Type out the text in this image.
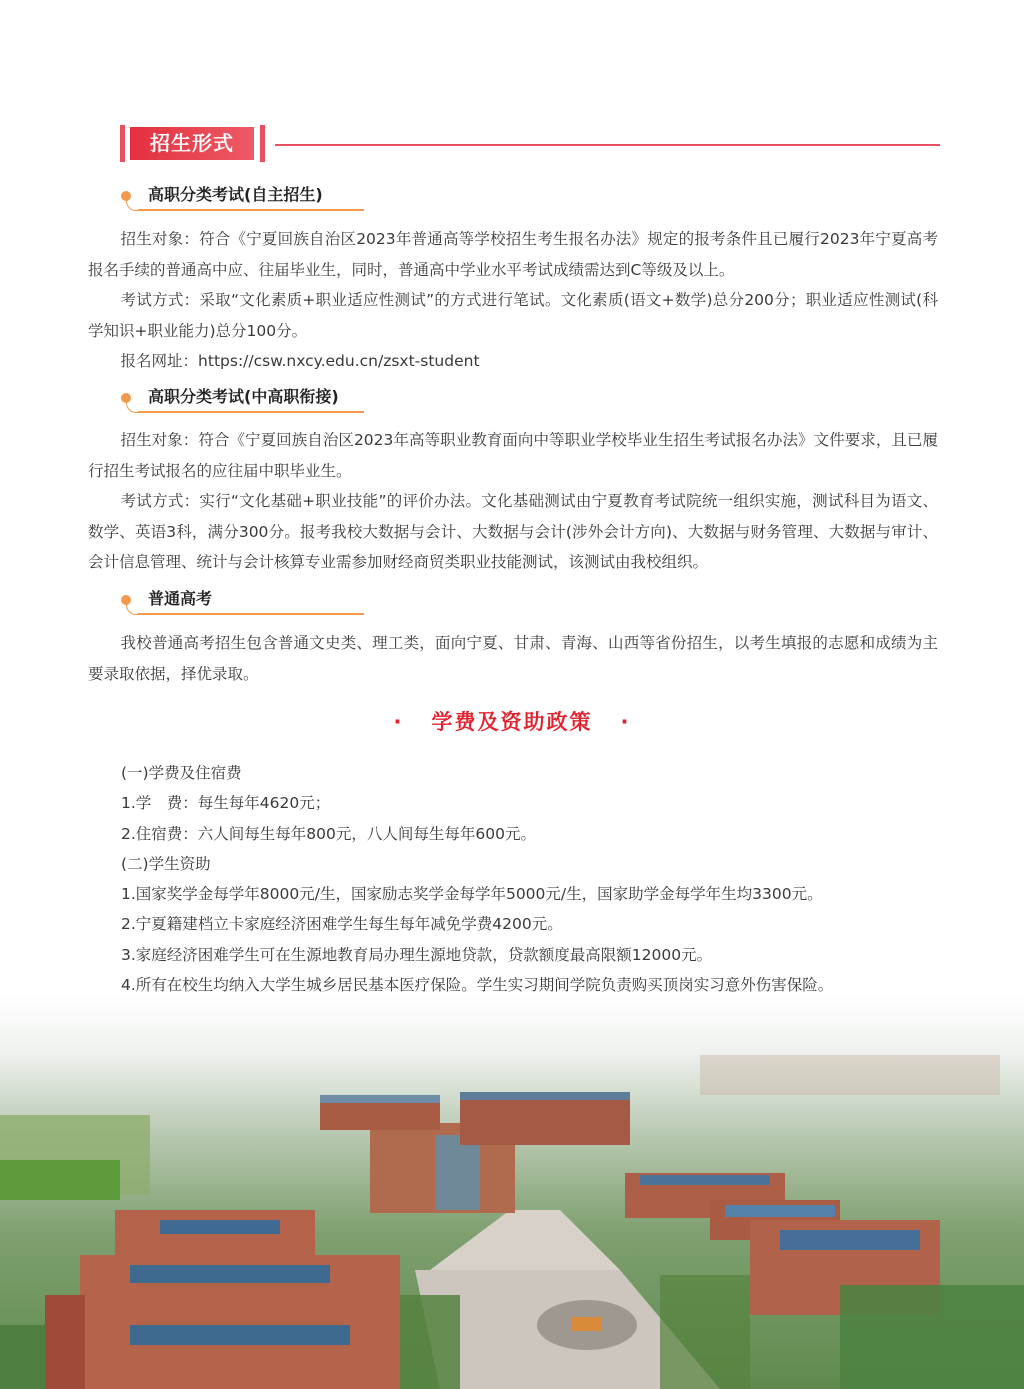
招生形式
高职分类考试(自主招生)

招生对象：符合《宁夏回族自治区2023年普通高等学校招生考生报名办法》规定的报考条件且已履行2023年宁夏高考报名手续的普通高中应、往届毕业生，同时，普通高中学业水平考试成绩需达到C等级及以上。

考试方式：采取“文化素质+职业适应性测试”的方式进行笔试。文化素质(语文+数学)总分200分；职业适应性测试(科学知识+职业能力)总分100分。

报名网址：https://csw.nxcy.edu.cn/zsxt-student

高职分类考试(中高职衔接)

招生对象：符合《宁夏回族自治区2023年高等职业教育面向中等职业学校毕业生招生考试报名办法》文件要求，且已履行招生考试报名的应往届中职毕业生。

考试方式：实行“文化基础+职业技能”的评价办法。文化基础测试由宁夏教育考试院统一组织实施，测试科目为语文、数学、英语3科，满分300分。报考我校大数据与会计、大数据与会计(涉外会计方向)、大数据与财务管理、大数据与审计、会计信息管理、统计与会计核算专业需参加财经商贸类职业技能测试，该测试由我校组织。

普通高考

我校普通高考招生包含普通文史类、理工类，面向宁夏、甘肃、青海、山西等省份招生，以考生填报的志愿和成绩为主要录取依据，择优录取。

· 学费及资助政策 ·
(一)学费及住宿费
1.学　费：每生每年4620元；
2.住宿费：六人间每生每年800元，八人间每生每年600元。
(二)学生资助
1.国家奖学金每学年8000元/生，国家励志奖学金每学年5000元/生，国家助学金每学年生均3300元。
2.宁夏籍建档立卡家庭经济困难学生每生每年减免学费4200元。
3.家庭经济困难学生可在生源地教育局办理生源地贷款，贷款额度最高限额12000元。
4.所有在校生均纳入大学生城乡居民基本医疗保险。学生实习期间学院负责购买顶岗实习意外伤害保险。
